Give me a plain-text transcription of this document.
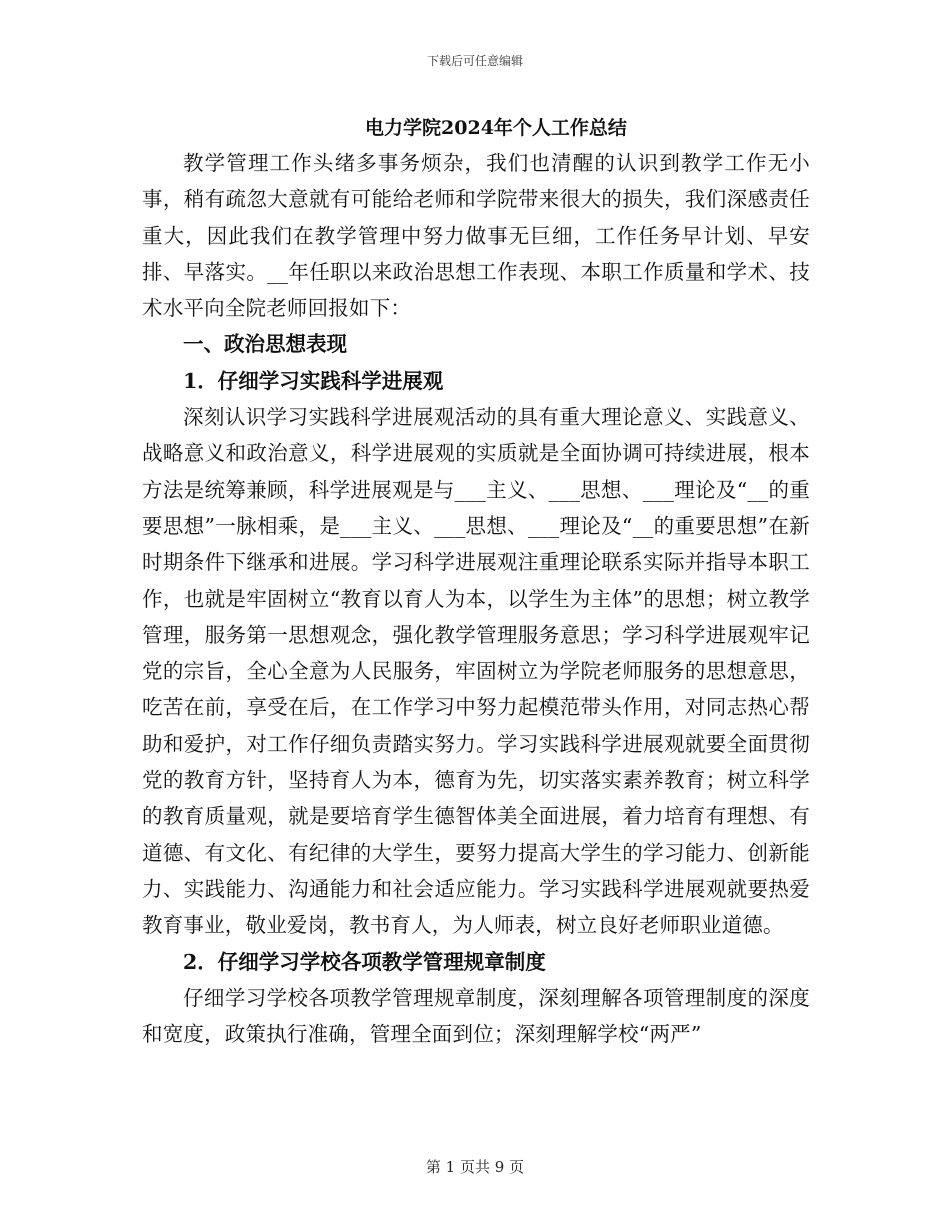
下载后可任意编辑
电力学院2024年个人工作总结

教学管理工作头绪多事务烦杂，我们也清醒的认识到教学工作无小事，稍有疏忽大意就有可能给老师和学院带来很大的损失，我们深感责任重大，因此我们在教学管理中努力做事无巨细，工作任务早计划、早安排、早落实。__年任职以来政治思想工作表现、本职工作质量和学术、技术水平向全院老师回报如下：

一、政治思想表现

1．仔细学习实践科学进展观

深刻认识学习实践科学进展观活动的具有重大理论意义、实践意义、战略意义和政治意义，科学进展观的实质就是全面协调可持续进展，根本方法是统筹兼顾，科学进展观是与___主义、___思想、___理论及“__的重要思想”一脉相乘，是___主义、___思想、___理论及“__的重要思想”在新时期条件下继承和进展。学习科学进展观注重理论联系实际并指导本职工作，也就是牢固树立“教育以育人为本，以学生为主体”的思想；树立教学管理，服务第一思想观念，强化教学管理服务意思；学习科学进展观牢记党的宗旨，全心全意为人民服务，牢固树立为学院老师服务的思想意思，吃苦在前，享受在后，在工作学习中努力起模范带头作用，对同志热心帮助和爱护，对工作仔细负责踏实努力。学习实践科学进展观就要全面贯彻党的教育方针，坚持育人为本，德育为先，切实落实素养教育；树立科学的教育质量观，就是要培育学生德智体美全面进展，着力培育有理想、有道德、有文化、有纪律的大学生，要努力提高大学生的学习能力、创新能力、实践能力、沟通能力和社会适应能力。学习实践科学进展观就要热爱教育事业，敬业爱岗，教书育人，为人师表，树立良好老师职业道德。

2．仔细学习学校各项教学管理规章制度

仔细学习学校各项教学管理规章制度，深刻理解各项管理制度的深度和宽度，政策执行准确，管理全面到位；深刻理解学校“两严”

第 1 页共 9 页
